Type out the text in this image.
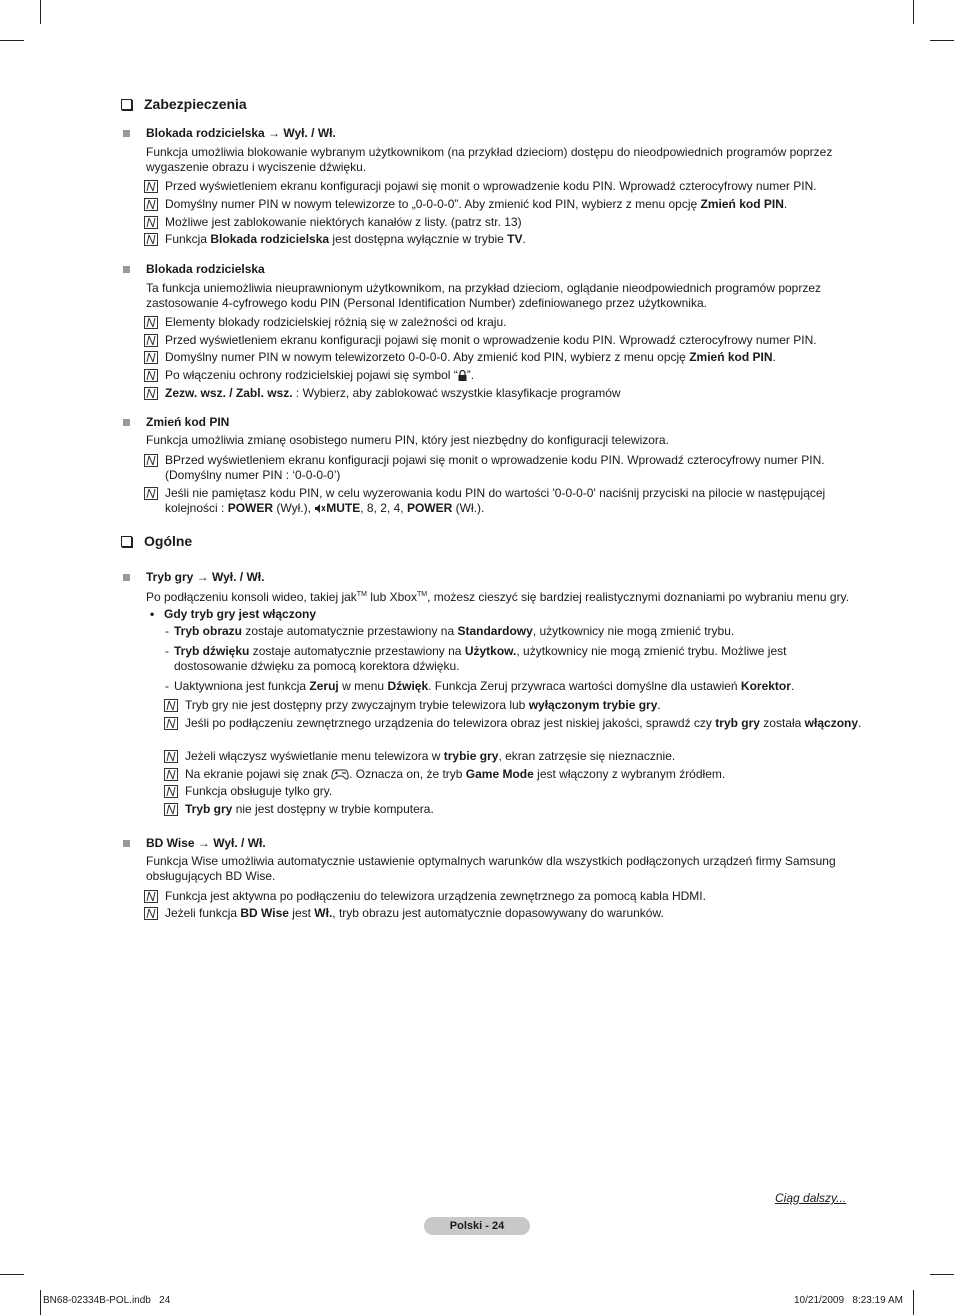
Zabezpieczenia
Blokada rodzicielska → Wył. / Wł.
Funkcja umożliwia blokowanie wybranym użytkownikom (na przykład dzieciom) dostępu do nieodpowiednich programów poprzez wygaszenie obrazu i wyciszenie dźwięku.
Przed wyświetleniem ekranu konfiguracji pojawi się monit o wprowadzenie kodu PIN. Wprowadź czterocyfrowy numer PIN.
Domyślny numer PIN w nowym telewizorze to „0-0-0-0”. Aby zmienić kod PIN, wybierz z menu opcję Zmień kod PIN.
Możliwe jest zablokowanie niektórych kanałów z listy. (patrz str. 13)
Funkcja Blokada rodzicielska jest dostępna wyłącznie w trybie TV.
Blokada rodzicielska
Ta funkcja uniemożliwia nieuprawnionym użytkownikom, na przykład dzieciom, oglądanie nieodpowiednich programów poprzez zastosowanie 4-cyfrowego kodu PIN (Personal Identification Number) zdefiniowanego przez użytkownika.
Elementy blokady rodzicielskiej różnią się w zależności od kraju.
Przed wyświetleniem ekranu konfiguracji pojawi się monit o wprowadzenie kodu PIN. Wprowadź czterocyfrowy numer PIN.
Domyślny numer PIN w nowym telewizorzeto 0-0-0-0. Aby zmienić kod PIN, wybierz z menu opcję Zmień kod PIN.
Po włączeniu ochrony rodzicielskiej pojawi się symbol “ ”.
Zezw. wsz. / Zabl. wsz. : Wybierz, aby zablokować wszystkie klasyfikacje programów
Zmień kod PIN
Funkcja umożliwia zmianę osobistego numeru PIN, który jest niezbędny do konfiguracji telewizora.
BPrzed wyświetleniem ekranu konfiguracji pojawi się monit o wprowadzenie kodu PIN. Wprowadź czterocyfrowy numer PIN. (Domyślny numer PIN : ‘0-0-0-0’)
Jeśli nie pamiętasz kodu PIN, w celu wyzerowania kodu PIN do wartości '0-0-0-0' naciśnij przyciski na pilocie w następującej kolejności : POWER (Wył.), MUTE, 8, 2, 4, POWER (Wł.).
Ogólne
Tryb gry → Wył. / Wł.
Po podłączeniu konsoli wideo, takiej jak™ lub Xbox™, możesz cieszyć się bardziej realistycznymi doznaniami po wybraniu menu gry.
• Gdy tryb gry jest włączony
- Tryb obrazu zostaje automatycznie przestawiony na Standardowy, użytkownicy nie mogą zmienić trybu.
- Tryb dźwięku zostaje automatycznie przestawiony na Użytkow., użytkownicy nie mogą zmienić trybu. Możliwe jest dostosowanie dźwięku za pomocą korektora dźwięku.
- Uaktywniona jest funkcja Zeruj w menu Dźwięk. Funkcja Zeruj przywraca wartości domyślne dla ustawień Korektor.
Tryb gry nie jest dostępny przy zwyczajnym trybie telewizora lub wyłączonym trybie gry.
Jeśli po podłączeniu zewnętrznego urządzenia do telewizora obraz jest niskiej jakości, sprawdź czy tryb gry została włączony.
Jeżeli włączysz wyświetlanie menu telewizora w trybie gry, ekran zatrzęsie się nieznacznie.
Na ekranie pojawi się znak . Oznacza on, że tryb Game Mode jest włączony z wybranym źródłem.
Funkcja obsługuje tylko gry.
Tryb gry nie jest dostępny w trybie komputera.
BD Wise → Wył. / Wł.
Funkcja Wise umożliwia automatycznie ustawienie optymalnych warunków dla wszystkich podłączonych urządzeń firmy Samsung obsługujących BD Wise.
Funkcja jest aktywna po podłączeniu do telewizora urządzenia zewnętrznego za pomocą kabla HDMI.
Jeżeli funkcja BD Wise jest Wł., tryb obrazu jest automatycznie dopasowywany do warunków.
Ciąg dalszy...
Polski - 24
BN68-02334B-POL.indb   24	10/21/2009   8:23:19 AM
